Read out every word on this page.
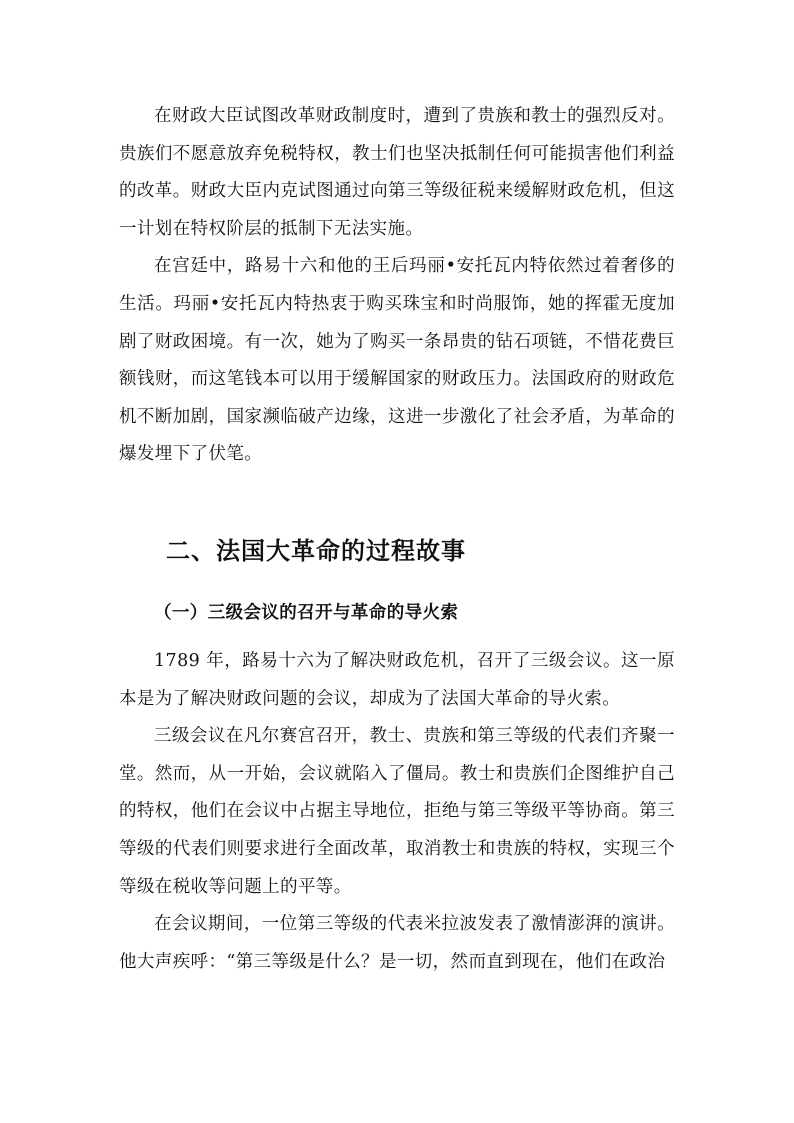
在财政大臣试图改革财政制度时，遭到了贵族和教士的强烈反对。贵族们不愿意放弃免税特权，教士们也坚决抵制任何可能损害他们利益的改革。财政大臣内克试图通过向第三等级征税来缓解财政危机，但这一计划在特权阶层的抵制下无法实施。

在宫廷中，路易十六和他的王后玛丽•安托瓦内特依然过着奢侈的生活。玛丽•安托瓦内特热衷于购买珠宝和时尚服饰，她的挥霍无度加剧了财政困境。有一次，她为了购买一条昂贵的钻石项链，不惜花费巨额钱财，而这笔钱本可以用于缓解国家的财政压力。法国政府的财政危机不断加剧，国家濒临破产边缘，这进一步激化了社会矛盾，为革命的爆发埋下了伏笔。

二、法国大革命的过程故事
（一）三级会议的召开与革命的导火索

1789 年，路易十六为了解决财政危机，召开了三级会议。这一原本是为了解决财政问题的会议，却成为了法国大革命的导火索。

三级会议在凡尔赛宫召开，教士、贵族和第三等级的代表们齐聚一堂。然而，从一开始，会议就陷入了僵局。教士和贵族们企图维护自己的特权，他们在会议中占据主导地位，拒绝与第三等级平等协商。第三等级的代表们则要求进行全面改革，取消教士和贵族的特权，实现三个等级在税收等问题上的平等。

在会议期间，一位第三等级的代表米拉波发表了激情澎湃的演讲。他大声疾呼：“第三等级是什么？是一切，然而直到现在，他们在政治
